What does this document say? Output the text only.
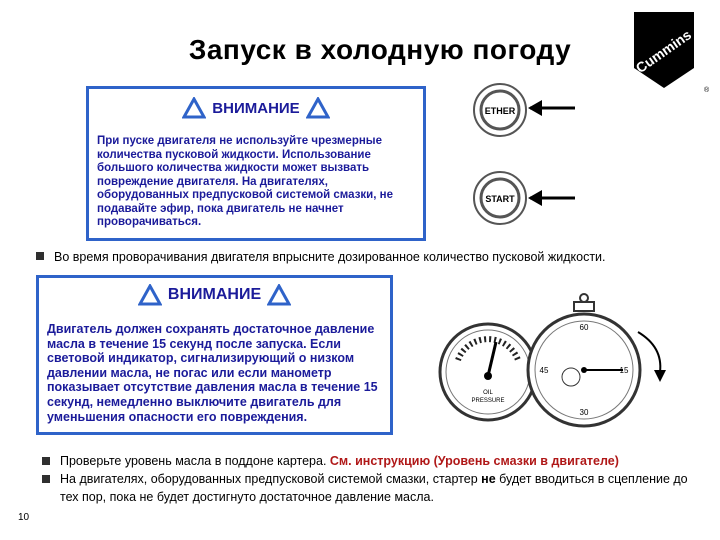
Запуск в холодную погоду	Cummins
®
ВНИМАНИЕ
При пуске двигателя не используйте чрезмерные
количества пусковой жидкости. Использование
большого количества жидкости может вызвать
повреждение двигателя. На двигателях,
оборудованных предпусковой системой смазки, не
подавайте эфир, пока двигатель не начнет
проворачиваться.
ETHER
START
Во время проворачивания двигателя впрысните дозированное количество пусковой жидкости.
ВНИМАНИЕ
Двигатель должен сохранять достаточное давление
масла в течение 15 секунд после запуска. Если
световой индикатор, сигнализирующий о низком
давлении масла, не погас или если манометр
показывает отсутствие давления масла в течение 15
секунд, немедленно выключите двигатель для
уменьшения опасности его повреждения.
OIL
PRESSURE
60
15
30
45
Проверьте уровень масла в поддоне картера. См. инструкцию (Уровень смазки в двигателе)
На двигателях, оборудованных предпусковой системой смазки, стартер не будет вводиться в сцепление до тех пор, пока не будет достигнуто достаточное давление масла.
10
